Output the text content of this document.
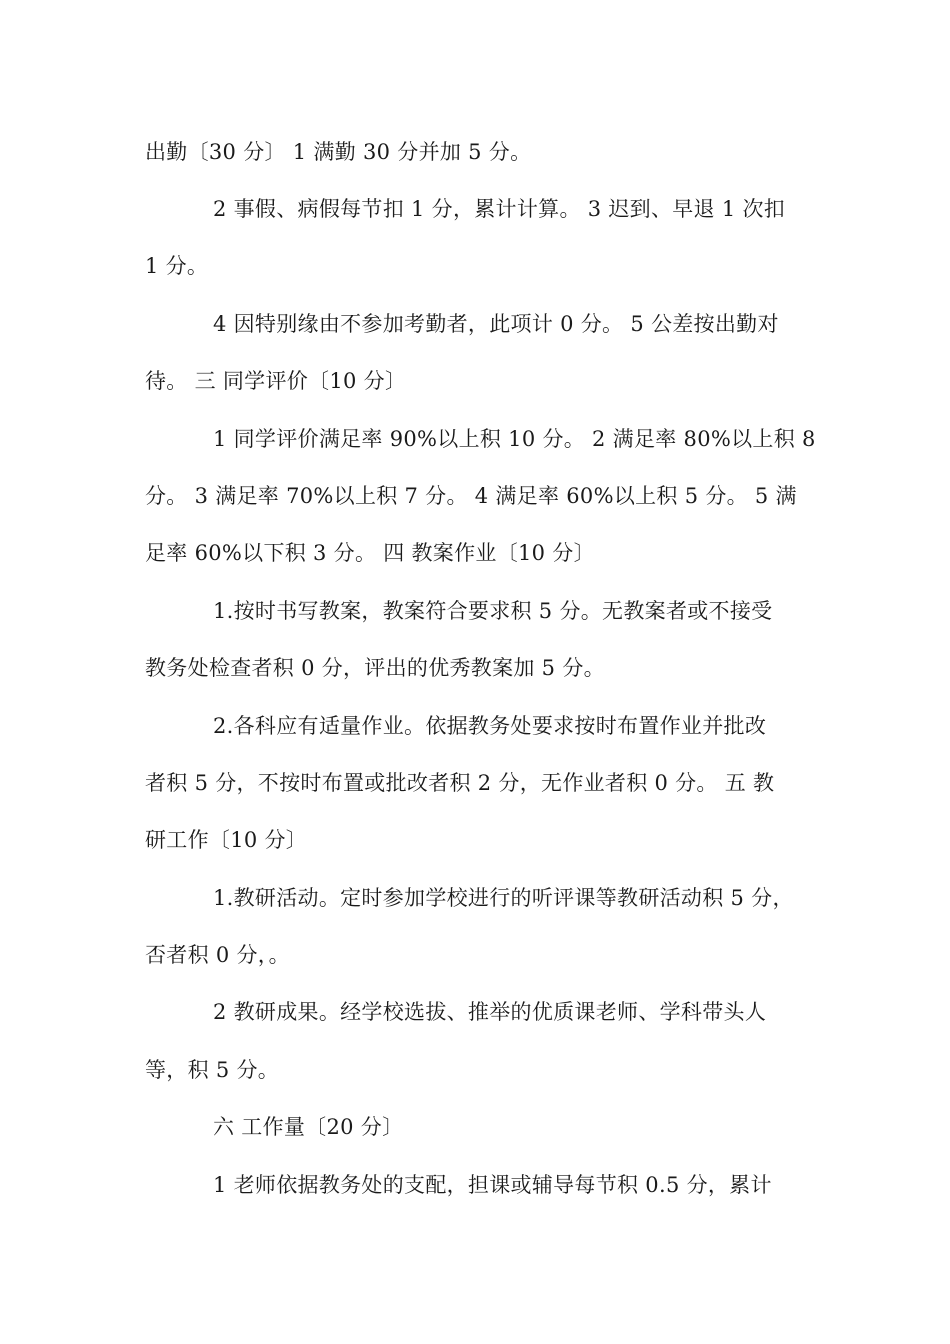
出勤〔30 分〕 1 满勤 30 分并加 5 分。
2 事假、病假每节扣 1 分，累计计算。 3 迟到、早退 1 次扣
1 分。
4 因特别缘由不参加考勤者，此项计 0 分。 5 公差按出勤对
待。 三 同学评价〔10 分〕
1 同学评价满足率 90%以上积 10 分。 2 满足率 80%以上积 8
分。 3 满足率 70%以上积 7 分。 4 满足率 60%以上积 5 分。 5 满
足率 60%以下积 3 分。 四 教案作业〔10 分〕
1.按时书写教案，教案符合要求积 5 分。无教案者或不接受
教务处检查者积 0 分，评出的优秀教案加 5 分。
2.各科应有适量作业。依据教务处要求按时布置作业并批改
者积 5 分，不按时布置或批改者积 2 分，无作业者积 0 分。 五 教
研工作〔10 分〕
1.教研活动。定时参加学校进行的听评课等教研活动积 5 分，
否者积 0 分，。
2 教研成果。经学校选拔、推举的优质课老师、学科带头人
等，积 5 分。
六 工作量〔20 分〕
1 老师依据教务处的支配，担课或辅导每节积 0.5 分，累计
